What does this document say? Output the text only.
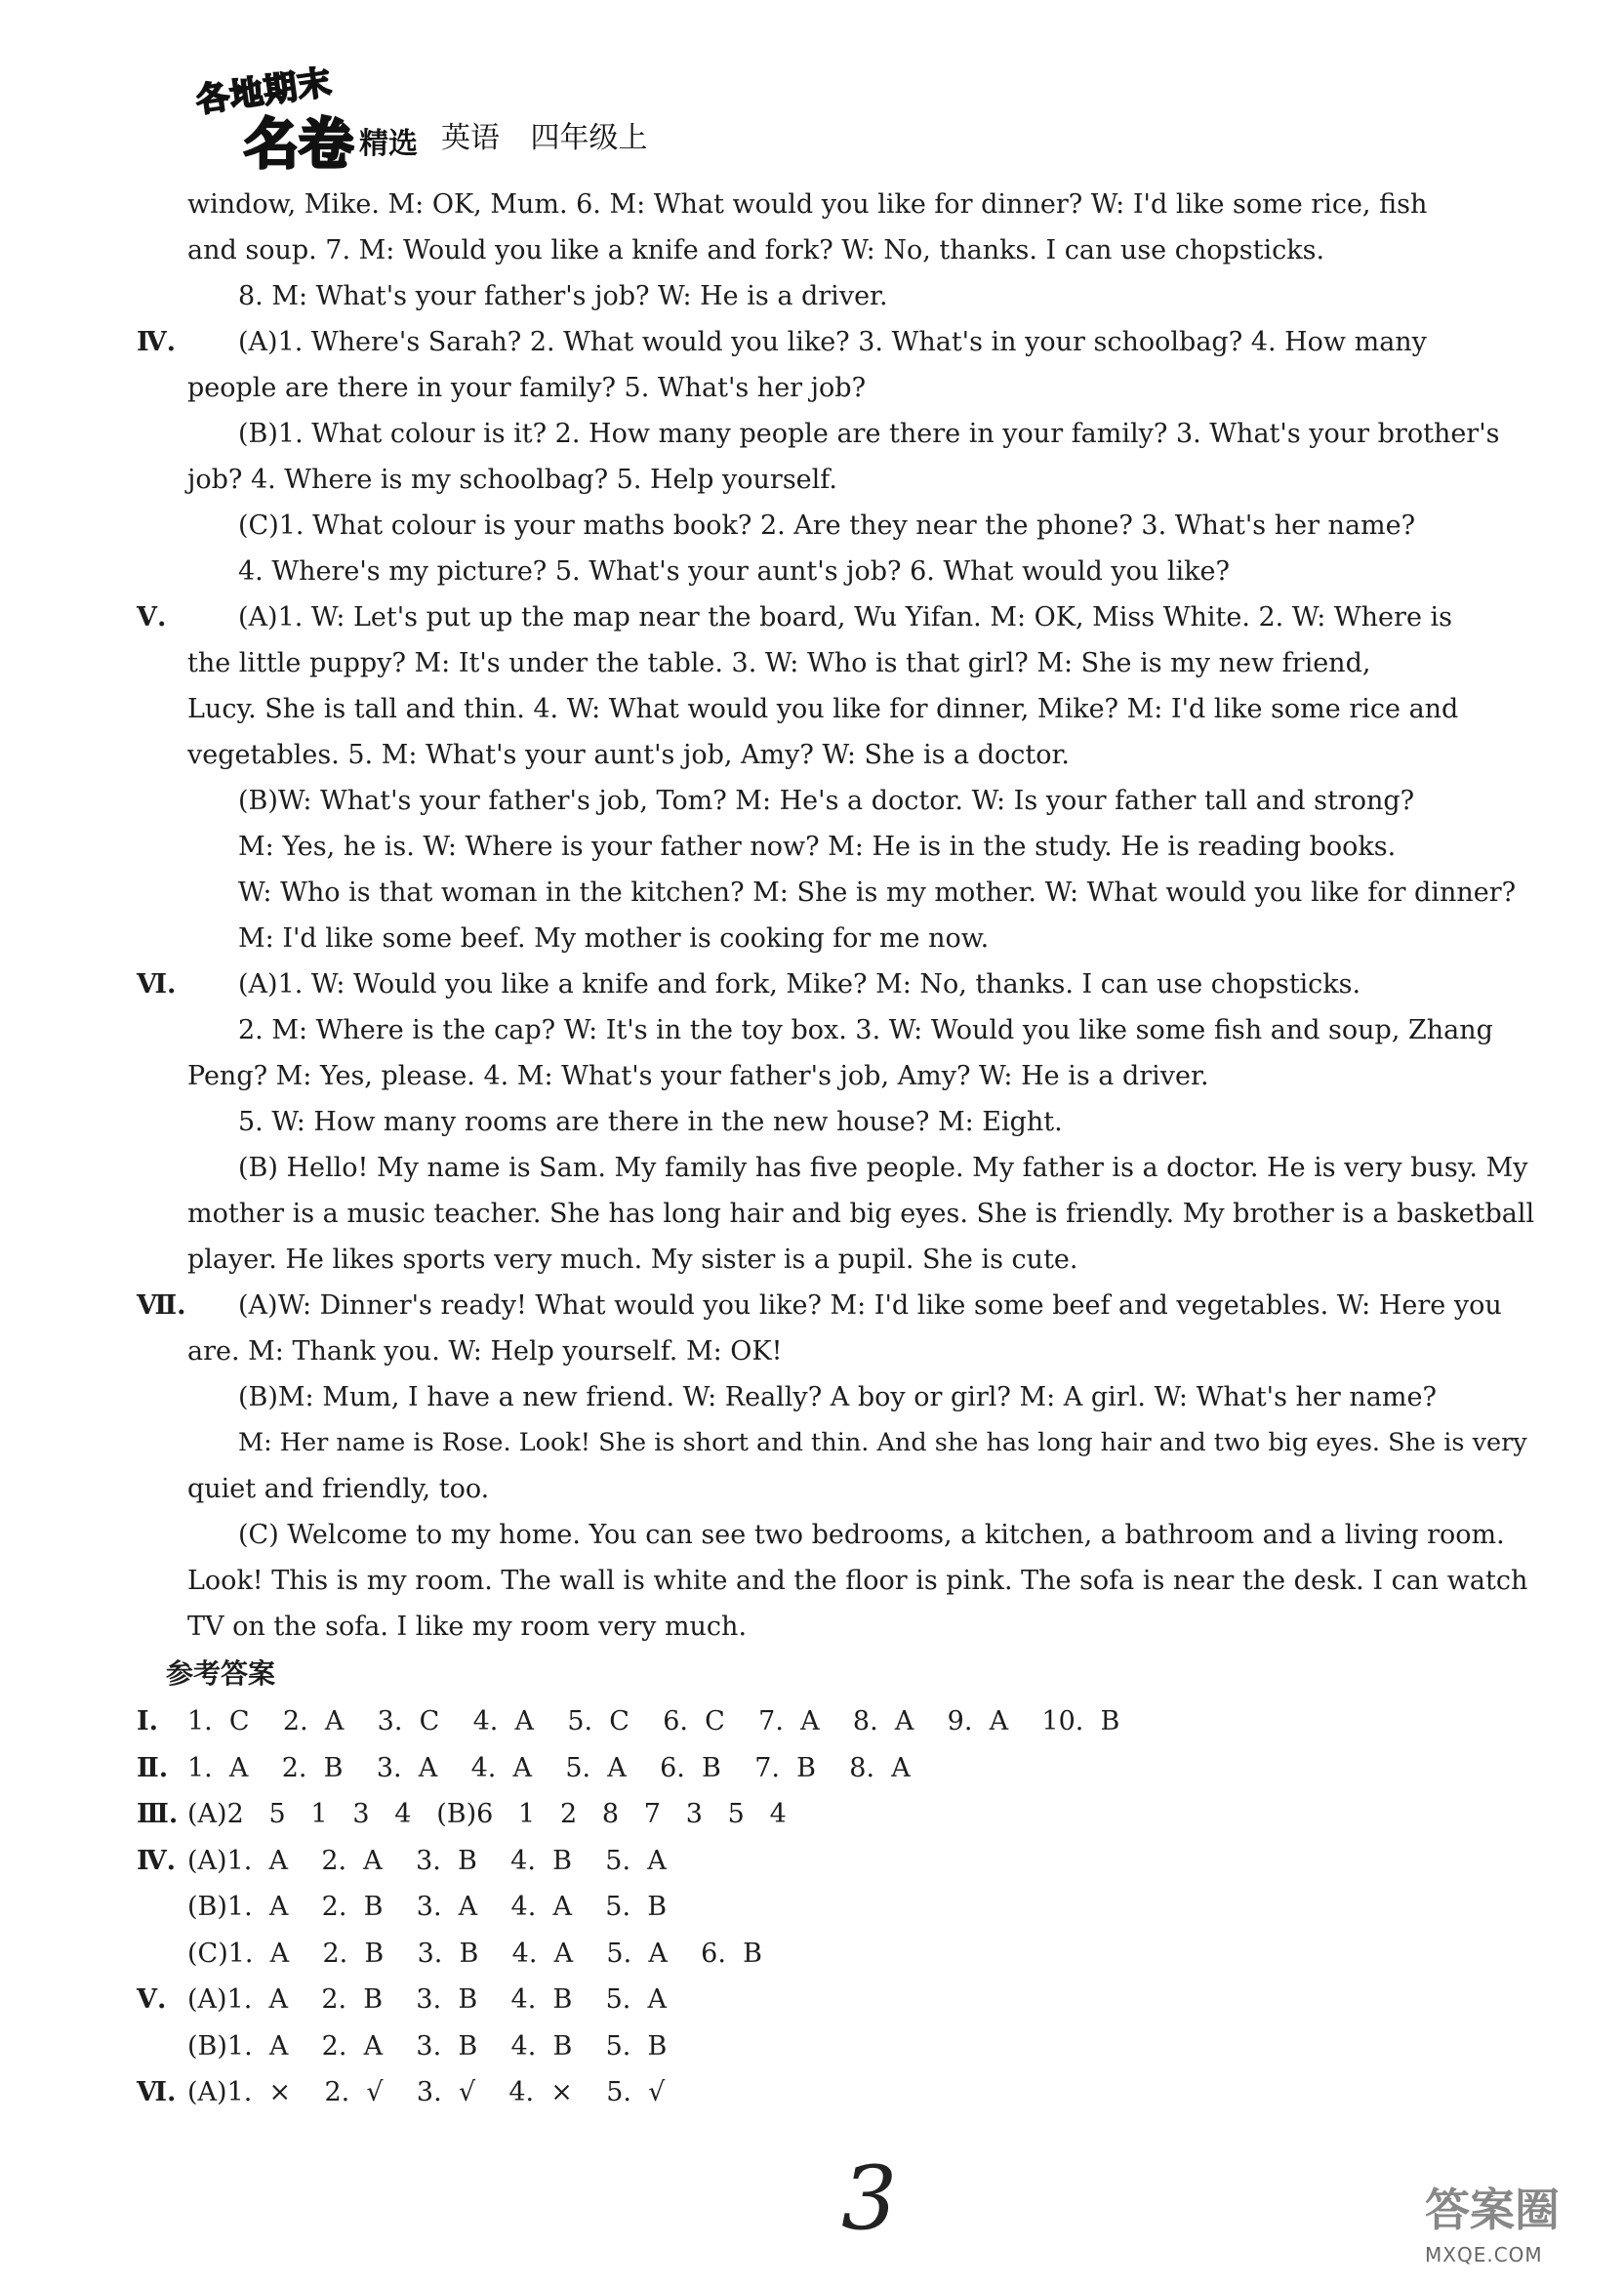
各地期末
名卷 精选 英语 四年级上
window, Mike. M: OK, Mum. 6. M: What would you like for dinner? W: I'd like some rice, fish
and soup. 7. M: Would you like a knife and fork? W: No, thanks. I can use chopsticks.
8. M: What's your father's job? W: He is a driver.
Ⅳ. (A)1. Where's Sarah? 2. What would you like? 3. What's in your schoolbag? 4. How many
people are there in your family? 5. What's her job?
(B)1. What colour is it? 2. How many people are there in your family? 3. What's your brother's
job? 4. Where is my schoolbag? 5. Help yourself.
(C)1. What colour is your maths book? 2. Are they near the phone? 3. What's her name?
4. Where's my picture? 5. What's your aunt's job? 6. What would you like?
Ⅴ.	(A)1. W: Let's put up the map near the board, Wu Yifan. M: OK, Miss White. 2. W: Where is
the little puppy? M: It's under the table. 3. W: Who is that girl? M: She is my new friend,
Lucy. She is tall and thin. 4. W: What would you like for dinner, Mike? M: I'd like some rice and
vegetables. 5. M: What's your aunt's job, Amy? W: She is a doctor.
(B)W: What's your father's job, Tom? M: He's a doctor. W: Is your father tall and strong?
M: Yes, he is. W: Where is your father now? M: He is in the study. He is reading books.
W: Who is that woman in the kitchen? M: She is my mother. W: What would you like for dinner?
M: I'd like some beef. My mother is cooking for me now.
Ⅵ. (A)1. W: Would you like a knife and fork, Mike? M: No, thanks. I can use chopsticks.
2. M: Where is the cap? W: It's in the toy box. 3. W: Would you like some fish and soup, Zhang
Peng? M: Yes, please. 4. M: What's your father's job, Amy? W: He is a driver.
5. W: How many rooms are there in the new house? M: Eight.
(B) Hello! My name is Sam. My family has five people. My father is a doctor. He is very busy. My
mother is a music teacher. She has long hair and big eyes. She is friendly. My brother is a basketball
player. He likes sports very much. My sister is a pupil. She is cute.
Ⅶ. (A)W: Dinner's ready! What would you like? M: I'd like some beef and vegetables. W: Here you
are. M: Thank you. W: Help yourself. M: OK!
(B)M: Mum, I have a new friend. W: Really? A boy or girl? M: A girl. W: What's her name?
M: Her name is Rose. Look! She is short and thin. And she has long hair and two big eyes. She is very
quiet and friendly, too.
(C) Welcome to my home. You can see two bedrooms, a kitchen, a bathroom and a living room.
Look! This is my room. The wall is white and the floor is pink. The sofa is near the desk. I can watch
TV on the sofa. I like my room very much.
参考答案
Ⅰ. 1.  C    2.  A    3.  C    4.  A    5.  C    6.  C    7.  A    8.  A    9.  A    10.  B
Ⅱ. 1.  A    2.  B    3.  A    4.  A    5.  A    6.  B    7.  B    8.  A
Ⅲ. (A)2   5   1   3   4   (B)6   1   2   8   7   3   5   4
Ⅳ. (A)1.  A    2.  A    3.  B    4.  B    5.  A
(B)1.  A    2.  B    3.  A    4.  A    5.  B
(C)1.  A    2.  B    3.  B    4.  A    5.  A    6.  B
Ⅴ. (A)1.  A    2.  B    3.  B    4.  B    5.  A
(B)1.  A    2.  A    3.  B    4.  B    5.  B
Ⅵ. (A)1.  ×    2.  √    3.  √    4.  ×    5.  √
3	答案圈
MXQE.COM
